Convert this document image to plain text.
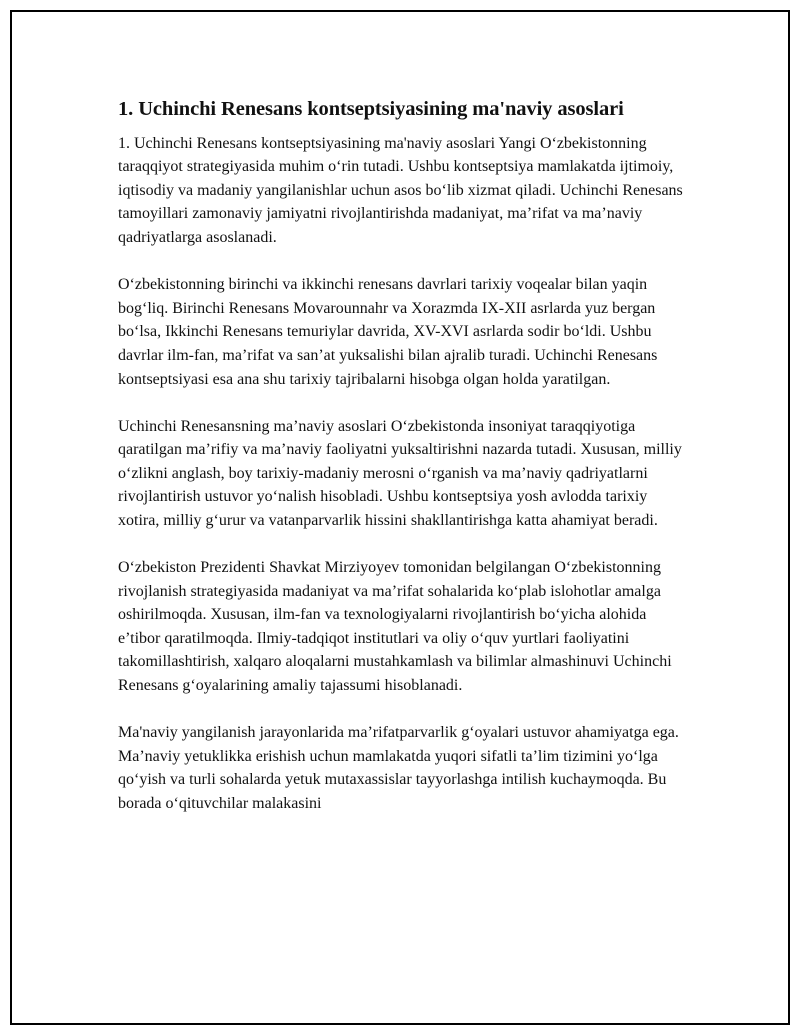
1. Uchinchi Renesans kontseptsiyasining ma'naviy asoslari

1. Uchinchi Renesans kontseptsiyasining ma'naviy asoslari Yangi O‘zbekistonning taraqqiyot strategiyasida muhim o‘rin tutadi. Ushbu kontseptsiya mamlakatda ijtimoiy, iqtisodiy va madaniy yangilanishlar uchun asos bo‘lib xizmat qiladi. Uchinchi Renesans tamoyillari zamonaviy jamiyatni rivojlantirishda madaniyat, ma’rifat va ma’naviy qadriyatlarga asoslanadi.

O‘zbekistonning birinchi va ikkinchi renesans davrlari tarixiy voqealar bilan yaqin bog‘liq. Birinchi Renesans Movarounnahr va Xorazmda IX-XII asrlarda yuz bergan bo‘lsa, Ikkinchi Renesans temuriylar davrida, XV-XVI asrlarda sodir bo‘ldi. Ushbu davrlar ilm-fan, ma’rifat va san’at yuksalishi bilan ajralib turadi. Uchinchi Renesans kontseptsiyasi esa ana shu tarixiy tajribalarni hisobga olgan holda yaratilgan.

Uchinchi Renesansning ma’naviy asoslari O‘zbekistonda insoniyat taraqqiyotiga qaratilgan ma’rifiy va ma’naviy faoliyatni yuksaltirishni nazarda tutadi. Xususan, milliy o‘zlikni anglash, boy tarixiy-madaniy merosni o‘rganish va ma’naviy qadriyatlarni rivojlantirish ustuvor yo‘nalish hisobladi. Ushbu kontseptsiya yosh avlodda tarixiy xotira, milliy g‘urur va vatanparvarlik hissini shakllantirishga katta ahamiyat beradi.

O‘zbekiston Prezidenti Shavkat Mirziyoyev tomonidan belgilangan O‘zbekistonning rivojlanish strategiyasida madaniyat va ma’rifat sohalarida ko‘plab islohotlar amalga oshirilmoqda. Xususan, ilm-fan va texnologiyalarni rivojlantirish bo‘yicha alohida e’tibor qaratilmoqda. Ilmiy-tadqiqot institutlari va oliy o‘quv yurtlari faoliyatini takomillashtirish, xalqaro aloqalarni mustahkamlash va bilimlar almashinuvi Uchinchi Renesans g‘oyalarining amaliy tajassumi hisoblanadi.

Ma'naviy yangilanish jarayonlarida ma’rifatparvarlik g‘oyalari ustuvor ahamiyatga ega. Ma’naviy yetuklikka erishish uchun mamlakatda yuqori sifatli ta’lim tizimini yo‘lga qo‘yish va turli sohalarda yetuk mutaxassislar tayyorlashga intilish kuchaymoqda. Bu borada o‘qituvchilar malakasini
